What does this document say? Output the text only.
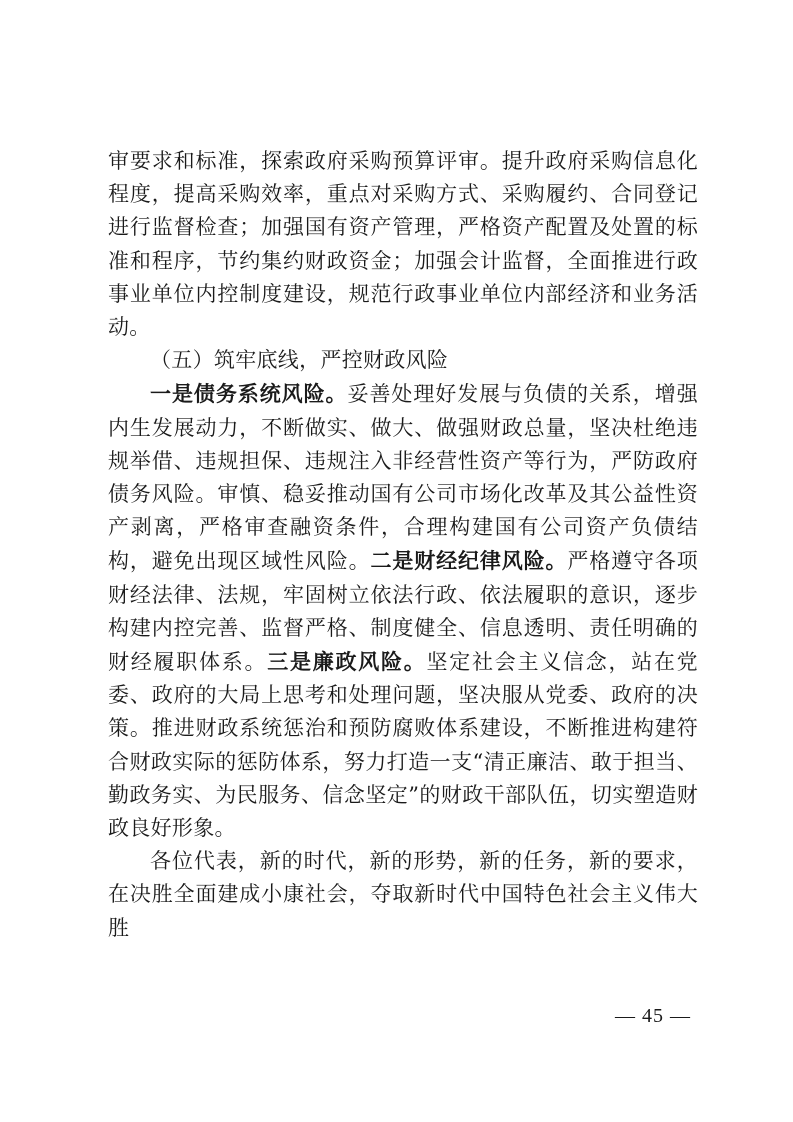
审要求和标准，探索政府采购预算评审。提升政府采购信息化程度，提高采购效率，重点对采购方式、采购履约、合同登记进行监督检查；加强国有资产管理，严格资产配置及处置的标准和程序，节约集约财政资金；加强会计监督，全面推进行政事业单位内控制度建设，规范行政事业单位内部经济和业务活动。

（五）筑牢底线，严控财政风险

一是债务系统风险。妥善处理好发展与负债的关系，增强内生发展动力，不断做实、做大、做强财政总量，坚决杜绝违规举借、违规担保、违规注入非经营性资产等行为，严防政府债务风险。审慎、稳妥推动国有公司市场化改革及其公益性资产剥离，严格审查融资条件，合理构建国有公司资产负债结构，避免出现区域性风险。二是财经纪律风险。严格遵守各项财经法律、法规，牢固树立依法行政、依法履职的意识，逐步构建内控完善、监督严格、制度健全、信息透明、责任明确的财经履职体系。三是廉政风险。坚定社会主义信念，站在党委、政府的大局上思考和处理问题，坚决服从党委、政府的决策。推进财政系统惩治和预防腐败体系建设，不断推进构建符合财政实际的惩防体系，努力打造一支“清正廉洁、敢于担当、勤政务实、为民服务、信念坚定”的财政干部队伍，切实塑造财政良好形象。

各位代表，新的时代，新的形势，新的任务，新的要求，在决胜全面建成小康社会，夺取新时代中国特色社会主义伟大胜

— 45 —
